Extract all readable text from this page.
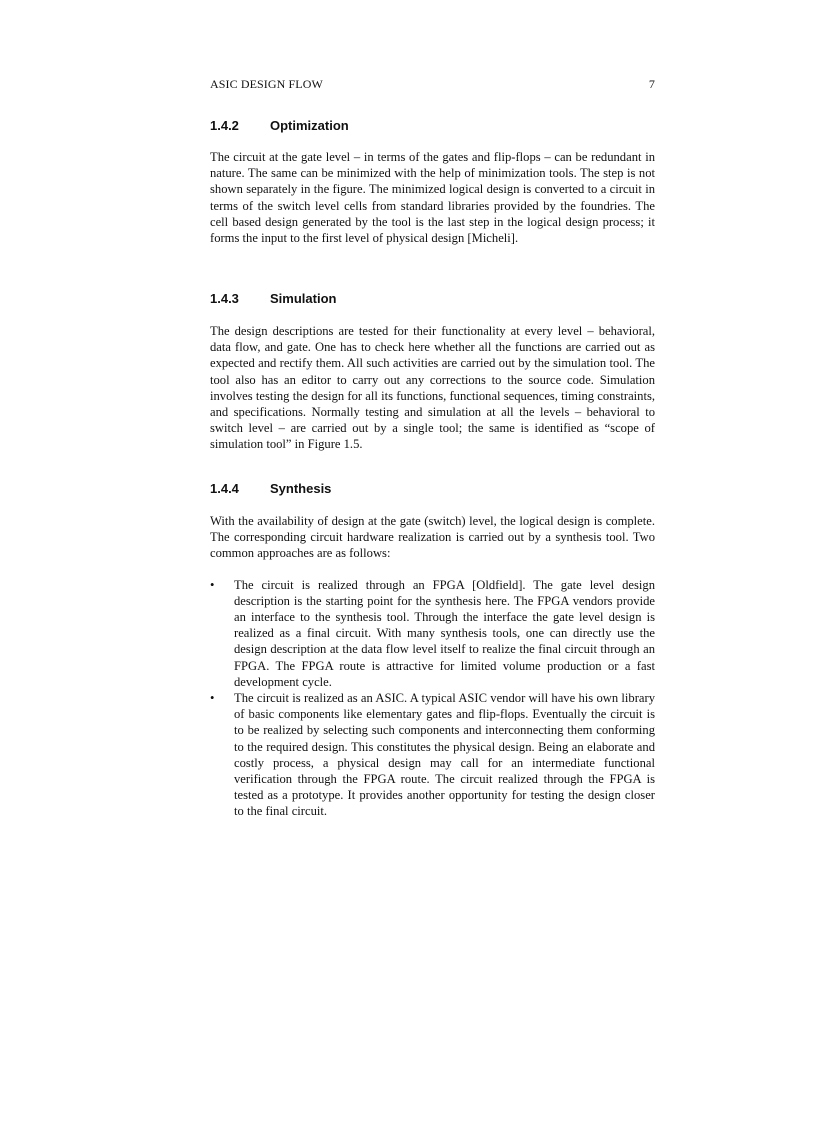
ASIC DESIGN FLOW	7
1.4.2 Optimization

The circuit at the gate level – in terms of the gates and flip-flops – can be redundant in nature. The same can be minimized with the help of minimization tools. The step is not shown separately in the figure. The minimized logical design is converted to a circuit in terms of the switch level cells from standard libraries provided by the foundries. The cell based design generated by the tool is the last step in the logical design process; it forms the input to the first level of physical design [Micheli].

1.4.3 Simulation

The design descriptions are tested for their functionality at every level – behavioral, data flow, and gate. One has to check here whether all the functions are carried out as expected and rectify them. All such activities are carried out by the simulation tool. The tool also has an editor to carry out any corrections to the source code. Simulation involves testing the design for all its functions, functional sequences, timing constraints, and specifications. Normally testing and simulation at all the levels – behavioral to switch level – are carried out by a single tool; the same is identified as “scope of simulation tool” in Figure 1.5.

1.4.4 Synthesis

With the availability of design at the gate (switch) level, the logical design is complete. The corresponding circuit hardware realization is carried out by a synthesis tool. Two common approaches are as follows:

•	The circuit is realized through an FPGA [Oldfield]. The gate level design description is the starting point for the synthesis here. The FPGA vendors provide an interface to the synthesis tool. Through the interface the gate level design is realized as a final circuit. With many synthesis tools, one can directly use the design description at the data flow level itself to realize the final circuit through an FPGA. The FPGA route is attractive for limited volume production or a fast development cycle.
•	The circuit is realized as an ASIC. A typical ASIC vendor will have his own library of basic components like elementary gates and flip-flops. Eventually the circuit is to be realized by selecting such components and interconnecting them conforming to the required design. This constitutes the physical design. Being an elaborate and costly process, a physical design may call for an intermediate functional verification through the FPGA route. The circuit realized through the FPGA is tested as a prototype. It provides another opportunity for testing the design closer to the final circuit.
